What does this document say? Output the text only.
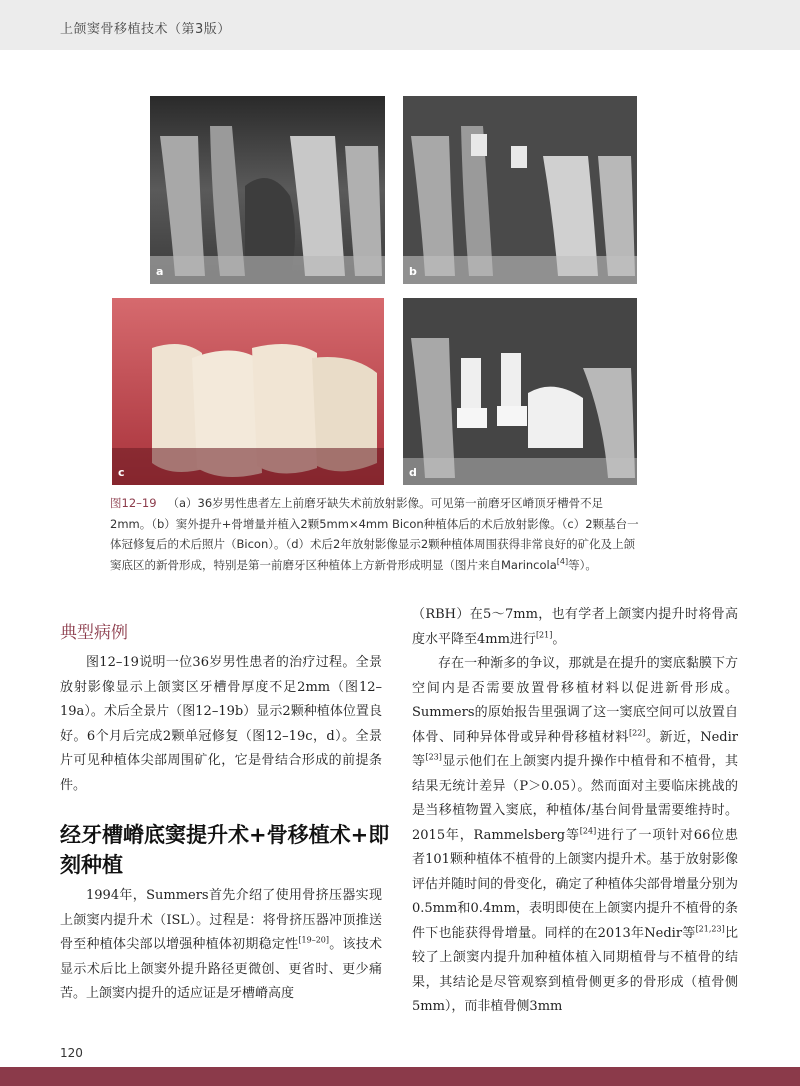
上颌窦骨移植技术（第3版）
a	b
c	d
图12–19 （a）36岁男性患者左上前磨牙缺失术前放射影像。可见第一前磨牙区嵴顶牙槽骨不足2mm。（b）窦外提升+骨增量并植入2颗5mm×4mm Bicon种植体后的术后放射影像。（c）2颗基台一体冠修复后的术后照片（Bicon）。（d）术后2年放射影像显示2颗种植体周围获得非常良好的矿化及上颌窦底区的新骨形成，特别是第一前磨牙区种植体上方新骨形成明显（图片来自Marincola[4]等）。
典型病例
图12–19说明一位36岁男性患者的治疗过程。全景放射影像显示上颌窦区牙槽骨厚度不足2mm（图12–19a）。术后全景片（图12–19b）显示2颗种植体位置良好。6个月后完成2颗单冠修复（图12–19c，d）。全景片可见种植体尖部周围矿化，它是骨结合形成的前提条件。
经牙槽嵴底窦提升术+骨移植术+即刻种植
1994年，Summers首先介绍了使用骨挤压器实现上颌窦内提升术（ISL）。过程是：将骨挤压器冲顶推送骨至种植体尖部以增强种植体初期稳定性[19–20]。该技术显示术后比上颌窦外提升路径更微创、更省时、更少痛苦。上颌窦内提升的适应证是牙槽嵴高度
（RBH）在5～7mm，也有学者上颌窦内提升时将骨高度水平降至4mm进行[21]。
存在一种渐多的争议，那就是在提升的窦底黏膜下方空间内是否需要放置骨移植材料以促进新骨形成。Summers的原始报告里强调了这一窦底空间可以放置自体骨、同种异体骨或异种骨移植材料[22]。新近，Nedir等[23]显示他们在上颌窦内提升操作中植骨和不植骨，其结果无统计差异（P＞0.05）。然而面对主要临床挑战的是当移植物置入窦底，种植体/基台间骨量需要维持时。2015年，Rammelsberg等[24]进行了一项针对66位患者101颗种植体不植骨的上颌窦内提升术。基于放射影像评估并随时间的骨变化，确定了种植体尖部骨增量分别为0.5mm和0.4mm，表明即使在上颌窦内提升不植骨的条件下也能获得骨增量。同样的在2013年Nedir等[21,23]比较了上颌窦内提升加种植体植入同期植骨与不植骨的结果，其结论是尽管观察到植骨侧更多的骨形成（植骨侧5mm），而非植骨侧3mm
120
